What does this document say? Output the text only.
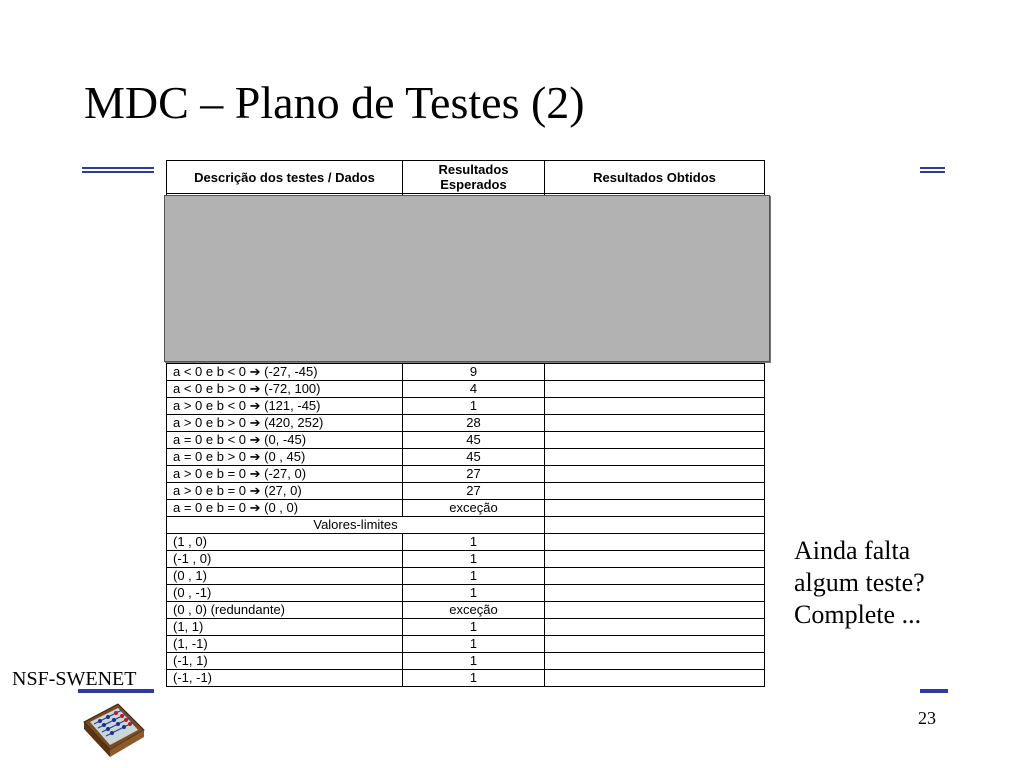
MDC – Plano de Testes (2)
Descrição dos testes / Dados	Resultados Esperados	Resultados Obtidos

a < 0 e b < 0 ➔ (-27, -45)	9	
a < 0 e b > 0 ➔ (-72, 100)	4	
a > 0 e b < 0 ➔ (121, -45)	1	
a > 0 e b > 0 ➔ (420, 252)	28	
a = 0 e b < 0 ➔ (0, -45)	45	
a = 0 e b > 0 ➔ (0 , 45)	45	
a > 0 e b = 0 ➔ (-27, 0)	27	
a > 0 e b = 0 ➔ (27, 0)	27	
a = 0 e b = 0 ➔ (0 , 0)	exceção	
Valores-limites		
(1 , 0)	1	
(-1 , 0)	1	
(0 , 1)	1	
(0 , -1)	1	
(0 , 0) (redundante)	exceção	
(1, 1)	1	
(1, -1)	1	
(-1, 1)	1	
(-1, -1)	1	
Ainda falta
algum teste?
Complete ...
NSF-SWENET
23
